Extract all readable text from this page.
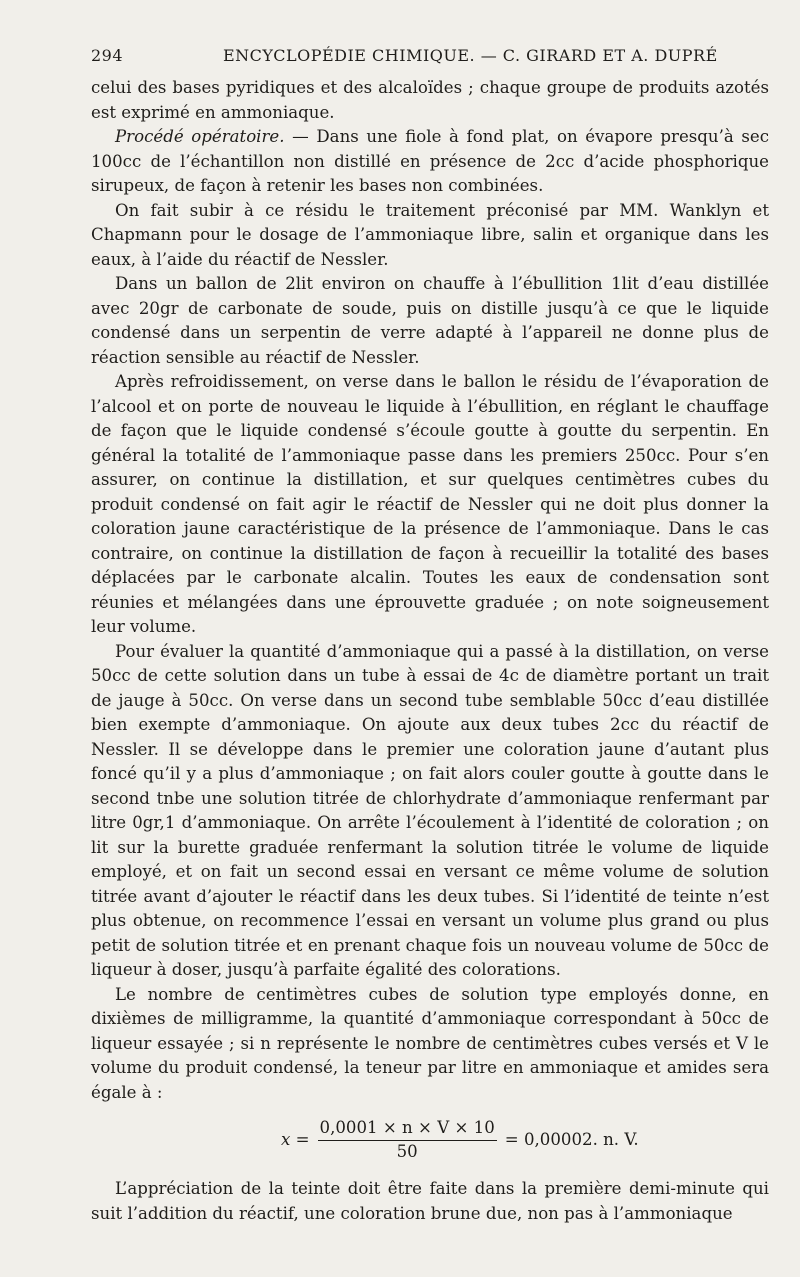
294	ENCYCLOPÉDIE CHIMIQUE. — C. GIRARD ET A. DUPRÉ

celui des bases pyridiques et des alcaloïdes ; chaque groupe de produits azotés est exprimé en ammoniaque.

Procédé opératoire. — Dans une fiole à fond plat, on évapore presqu’à sec 100cc de l’échantillon non distillé en présence de 2cc d’acide phosphorique sirupeux, de façon à retenir les bases non combinées.

On fait subir à ce résidu le traitement préconisé par MM. Wanklyn et Chapmann pour le dosage de l’ammoniaque libre, salin et organique dans les eaux, à l’aide du réactif de Nessler.

Dans un ballon de 2lit environ on chauffe à l’ébullition 1lit d’eau distillée avec 20gr de carbonate de soude, puis on distille jusqu’à ce que le liquide condensé dans un serpentin de verre adapté à l’appareil ne donne plus de réaction sensible au réactif de Nessler.

Après refroidissement, on verse dans le ballon le résidu de l’évaporation de l’alcool et on porte de nouveau le liquide à l’ébullition, en réglant le chauffage de façon que le liquide condensé s’écoule goutte à goutte du serpentin. En général la totalité de l’ammoniaque passe dans les premiers 250cc. Pour s’en assurer, on continue la distillation, et sur quelques centimètres cubes du produit condensé on fait agir le réactif de Nessler qui ne doit plus donner la coloration jaune caractéristique de la présence de l’ammoniaque. Dans le cas contraire, on continue la distillation de façon à recueillir la totalité des bases déplacées par le carbonate alcalin. Toutes les eaux de condensation sont réunies et mélangées dans une éprouvette graduée ; on note soigneusement leur volume.

Pour évaluer la quantité d’ammoniaque qui a passé à la distillation, on verse 50cc de cette solution dans un tube à essai de 4c de diamètre portant un trait de jauge à 50cc. On verse dans un second tube semblable 50cc d’eau distillée bien exempte d’ammoniaque. On ajoute aux deux tubes 2cc du réactif de Nessler. Il se développe dans le premier une coloration jaune d’autant plus foncé qu’il y a plus d’ammoniaque ; on fait alors couler goutte à goutte dans le second tnbe une solution titrée de chlorhydrate d’ammoniaque renfermant par litre 0gr,1 d’ammoniaque. On arrête l’écoulement à l’identité de coloration ; on lit sur la burette graduée renfermant la solution titrée le volume de liquide employé, et on fait un second essai en versant ce même volume de solution titrée avant d’ajouter le réactif dans les deux tubes. Si l’identité de teinte n’est plus obtenue, on recommence l’essai en versant un volume plus grand ou plus petit de solution titrée et en prenant chaque fois un nouveau volume de 50cc de liqueur à doser, jusqu’à parfaite égalité des colorations.

Le nombre de centimètres cubes de solution type employés donne, en dixièmes de milligramme, la quantité d’ammoniaque correspondant à 50cc de liqueur essayée ; si n représente le nombre de centimètres cubes versés et V le volume du produit condensé, la teneur par litre en ammoniaque et amides sera égale à :

$x = \frac{0,0001 \times n \times V \times 10}{50} = 0,00002$. n. V.

L’appréciation de la teinte doit être faite dans la première demi-minute qui suit l’addition du réactif, une coloration brune due, non pas à l’ammoniaque
